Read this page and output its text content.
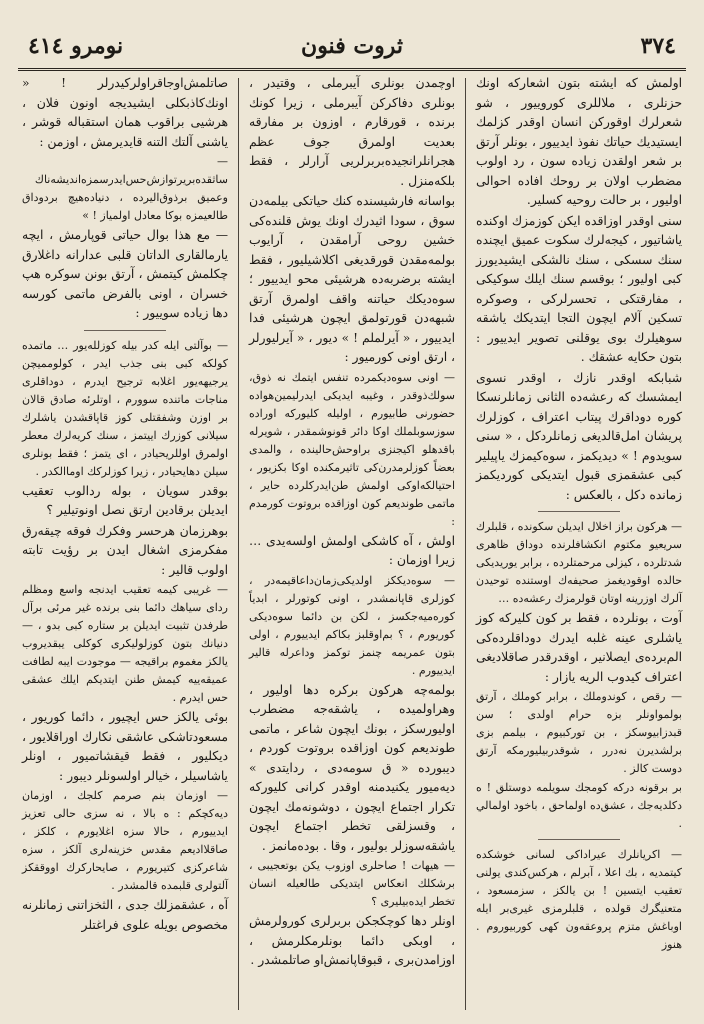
٣٧٤
ثروت فنون
نومرو ٤١٤

اولمش که ایشته بتون اشعارکه اونك حزنلری ، ملاللری کوروییور ، شو شعرلرك اوقورکن انسان اوقدر کزلمك ایستیدیك حیاتك نفوذ ایدییور ، بونلر آرتق بر شعر اولقدن زیاده سون ، رد اولوب مضطرب اولان بر روحك افاده احوالی اولیور ، بر حالت روحیه کسلیر.

سنی اوقدر اوزاقده ایکن کوزمزك اوکنده یاشاتیور ، کیجه‌لرك سکوت عمیق ایچنده سنك سسکی ، سنك نالشکی ایشیدیورز کبی اولیور ؛ بوقسم سنك ایلك سوکیکی ، مفارقتکی ، تحسرلرکی ، وصوکره تسکین آلام ایچون التجا ایتدیکك یاشقه سوهیلرك بوی یوقلنی تصویر ایدییور : بتون حکایه عشقك .

شبابکه اوقدر نازك ، اوقدر نسوی ایمشسك که رعشه‌ده الثانی زمانلرنسکا کوره دوداقرك پیتاب اعتراف ، کوزلرك پریشان امل‌قالدیغی زمانلردکل ، « سنی سویدوم ! » دیدیکمز ، سوه‌کیمزك یاپیلیر کبی عشقمزی قبول ایتدیکی کوردیکمز زمانده دکل ، بالعکس :

— هرکون براز اخلال ایدیلن سکونده ، قلبلرك سریعیو مکتوم انکشافلرنده دوداق ظاهری شدتلرده ، کیزلی مرحمتلرده ، برابر یوریدیکی حالده اوقودیغمز صحیفه‌ك اوستنده توحیدن آلرك اوزرینه اوتان قولرمزك رعشه‌ده …

آوت ، بونلرده ، فقط بر کون کلیرکه کوز یاشلری عینه غلبه ایدرك دوداقلرده‌کی الم‌برده‌ی ایصلانیر ، اوقدرقدر صاقلادیغی اعتراف کیدوب الریه یازار :

— رقص ، کوندوملك ، برابر کوملك ، آرتق بولمواونلر بزه حرام اولدی ؛ سن قبدزابیوسکز ، بن تورکبیوم ، بیلمم بزی برلشدیرن نه‌درر ، شوقدربیلیورمکه آرتق دوست کالز .

بر برقونه درکه کومجك سویلمه دوستلق ! ه دکلدیه‌جك ، عشق‌ده اولماحق ، باخود اولمالي .

— اکریانلرك عیراداکی لسانی خوشکده کیتمدیه ، بك اعلا ، آبرلم ، هرکس‌کندی یولنی تعقیب ایتسین ! بن یالکز ، سزمسعود ، متعنیگرك قولده ، قلبلرمزی غیری‌بر ایله اوباغش متزم پروعقه‌ون کهی کوربیوروم . هنوز

اوچمدن بونلری آیبرملی ، وقتیدر ، بونلری دفاکرکن آیبرملی ، زیرا کونك برنده ، قورقارم ، اوزون بر مفارقه بعدیت اولمرق جوف عظم هجرانلرانجیده‌بربرلریی آرارلر ، فقط بلکه‌منزل .

بواسانه فارشیسنده کنك حیاتکی بیلمه‌دن سوق ، سودا اثیدرك اونك یوش قلنده‌کی خشین روحی آرامقدن ، آرایوب بولمه‌مقدن قورقدیغی اکلاشیلیور ، فقط ایشته برضربه‌ده هرشیئی محو ایدییور ؛ سوه‌دیکك حیاتنه واقف اولمرق آرتق شبهه‌دن قورتولمق ایچون هرشیئی فدا ایدییور ، « آیرلملم ! » دیور ، « آیرلیورلر ، ارتق اونی کورمیور :

— اونی سوه‌دیکمرده تنفس ایتمك نه ذوق، سولك‌ذوقدر ، وغیبه ایدیکی ایدرلیمین‌هواده حضورنی طابیورم ، اولیله کلیورکه اوراده سوزسوبلملك اوکا دائر قونوشمقدر ، شویرله باقدهلو اکیجنزی براوحش‌حالینده ، والمدی بعضاً کوزلرمدرن‌کی تاثیرمکنده اوکا بکزیور ، احتیالکه‌اوکی اولمش طن‌ایدرکلرده حایر ، ماتمی طوندیعم کون اوزاقده بروتوت کورمدم :

اولش ، آه کاشکی اولمش اولسه‌یدی … زیرا اوزمان :

— سوه‌دیککز اولدیکی‌زمان‌داعاقیمه‌در ، کوزلری قاپانمشدر ، اونی کوتورلر ، ابدیاً کوره‌میه‌جکسز ، لکن بن دائما سوه‌دیکی کوریورم ، ؟ بم‌اوقلبز بکا‌کم ایدییورم ، اولی بتون عمریمه چنمز توکمز وداعرله قالیر ایدییورم .

بولمه‌چه هرکون برکره دها اولیور ، وهراولمیده ، یاشقه‌جه مضطرب اولیورسکز ، بونك ایچون شاعر ، ماتمی طوندیعم کون اوزاقده بروتوت کوردم ، دیبورده « ق سومه‌دی ، ردایتدی » دیه‌میور یکنیدمنه اوقدر کرانی کلیورکه تکرار اجتماع ایچون ، دوشونه‌مك ایچون ، وقسزلقی تخطر اجتماع ایچون یاشقه‌سوزلر بولیور ، وقا . بوده‌مانمز .

— هیهات ! صاحلری اوزوب یکن بوتعجیبی ، برشکلك انعکاس ایتدیکی طالعیله انسان تخطر ایده‌بیلیری ؟

اونلر دها کوچکجکن بربرلری کورولرمش ، اوبکی دائما بونلرمکلرمش ، اوزامدن‌بری ، قبوقاپانمش‌او صاتلمشدر .

صاتلمش‌اوجاقراولرکیدرلر ! « اونك‌کاذبکلی ایشیدیجه اونون فلان ، هرشیی براقوب همان استقباله قوشر ، یاشنی آلتك التنه قایدیرمش ، اوزمن :

— ساثقده‌بریرتوازش‌حس‌ایدرسمزه‌اندیشه‌ناك وعمیق برذوق‌الیرده ، دنیاده‌هیچ بردوداق طالعیمزه بوکا معادل اولمیاز ! »

— مع هذا بوال حیاتی قوپارمش ، ایچه یارمالقاری الداتان قلبی عدارانه داغلارق چکلمش کیتمش ، آرتق بونن سوکره هپ خسران ، اونی بالفرض ماتمی کورسه دها زیاده سوییور :

— بوآلتی ایله کدر بیله کوزلله‌یور … ماتمده کولکه کبی بنی جذب ایدر ، کولوممیچن یرجیهه‌یور اغلابه ترجیح ایدرم ، دوداقلری مناجات ماتنده سوورم ، اوتلرئه صادق قالان بر اوزن وشفقتلی کوز قاپاقشدن یاشلرك سیلانی کوزرك اییتمز ، سنك کریه‌لرك معطر اولمرق اوللر‌یحیادر ، ای یتمز ؛ فقط بونلری سیلن دها‌یحیادر ، زیرا کوزلرکك اوماالکدر .

بوقدر سویان ، بوله ردالوب تعقیب ایدیلن برقادین ارتق نصل اونوتیلیر ؟

بوهرزمان هرحسر وفکرك فوقه چیقه‌رق مفکرمزی اشغال ایدن بر رؤیت تابته اولوب قالیر :

— غریبی کیمه تعقیب ایدنجه واسع ومظلم ردای سیاهك دائما بنی برنده غیر مرئی برآل طرفدن تثبیت ایدیلن بر ستاره کبی بدو ، — دنیانك بتون کوزلولیکری کوکلی یبقدیروب یالکز مغموم براقیجه — موجودت ایبه لطافت عمیقه‌ییه کیمش طنن ایتدیکم ایلك عشقی حس ایدرم .

بوئی یالکز حس ایچیور ، دائما کوریور ، مسعودتاشکی عاشقی نکارك اوراقلایور ، دیکلیور ، فقط قیقشاتمیور ، اونلر یاشاسیلر ، خیالر اولسونلر دیبور :

— اوزمان بنم صرمم کلجك ، اوزمان دیه‌کچکم : ه بالا ، نه سزی حالی تعزیز ایدییورم ، حالا سزه اغلایورم ، کلکز ، صاقلاادیعم مقدس خزینه‌لری آلکز ، سزه شاعرکزی کتیریورم ، صایحارکرك اووققکز آلتولری قلبمده قالمشدر .

آه ، عشقمزلك جدی ، الثخزاتنی زمانلرنه مخصوص بویله علوی فراغتلر
